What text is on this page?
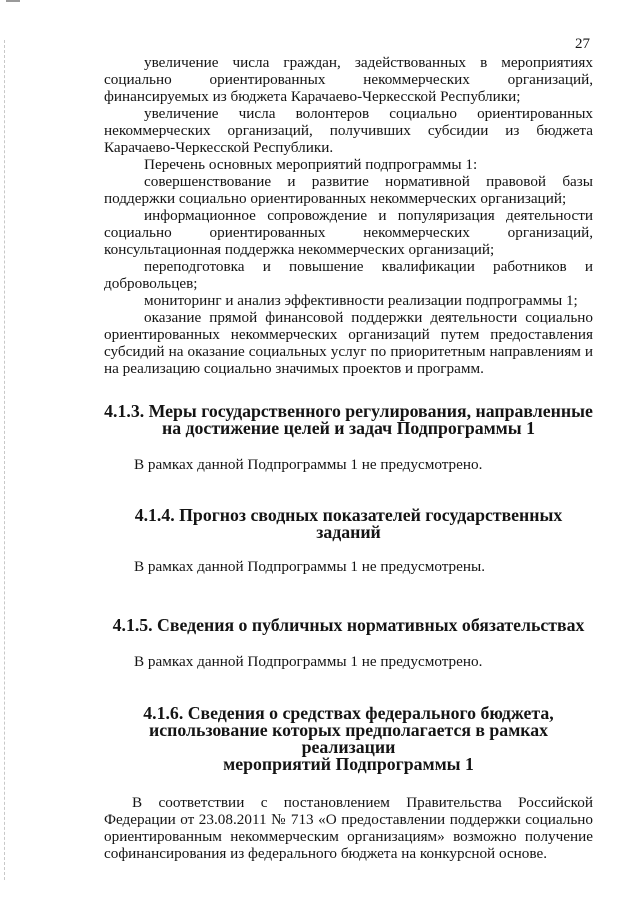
27

увеличение числа граждан, задействованных в мероприятиях социально ориентированных некоммерческих организаций, финансируемых из бюджета Карачаево-Черкесской Республики;

увеличение числа волонтеров социально ориентированных некоммерческих организаций, получивших субсидии из бюджета Карачаево-Черкесской Республики.

Перечень основных мероприятий подпрограммы 1:

совершенствование и развитие нормативной правовой базы поддержки социально ориентированных некоммерческих организаций;

информационное сопровождение и популяризация деятельности социально ориентированных некоммерческих организаций, консультационная поддержка некоммерческих организаций;

переподготовка и повышение квалификации работников и добровольцев;

мониторинг и анализ эффективности реализации подпрограммы 1;

оказание прямой финансовой поддержки деятельности социально ориентированных некоммерческих организаций путем предоставления субсидий на оказание социальных услуг по приоритетным направлениям и на реализацию социально значимых проектов и программ.

4.1.3. Меры государственного регулирования, направленные
на достижение целей и задач Подпрограммы 1

В рамках данной Подпрограммы 1 не предусмотрено.

4.1.4. Прогноз сводных показателей государственных заданий

В рамках данной Подпрограммы 1 не предусмотрены.

4.1.5. Сведения о публичных нормативных обязательствах

В рамках данной Подпрограммы 1 не предусмотрено.

4.1.6. Сведения о средствах федерального бюджета,
использование которых предполагается в рамках реализации
мероприятий Подпрограммы 1

В соответствии с постановлением Правительства Российской Федерации от 23.08.2011 № 713 «О предоставлении поддержки социально ориентированным некоммерческим организациям» возможно получение софинансирования из федерального бюджета на конкурсной основе.
